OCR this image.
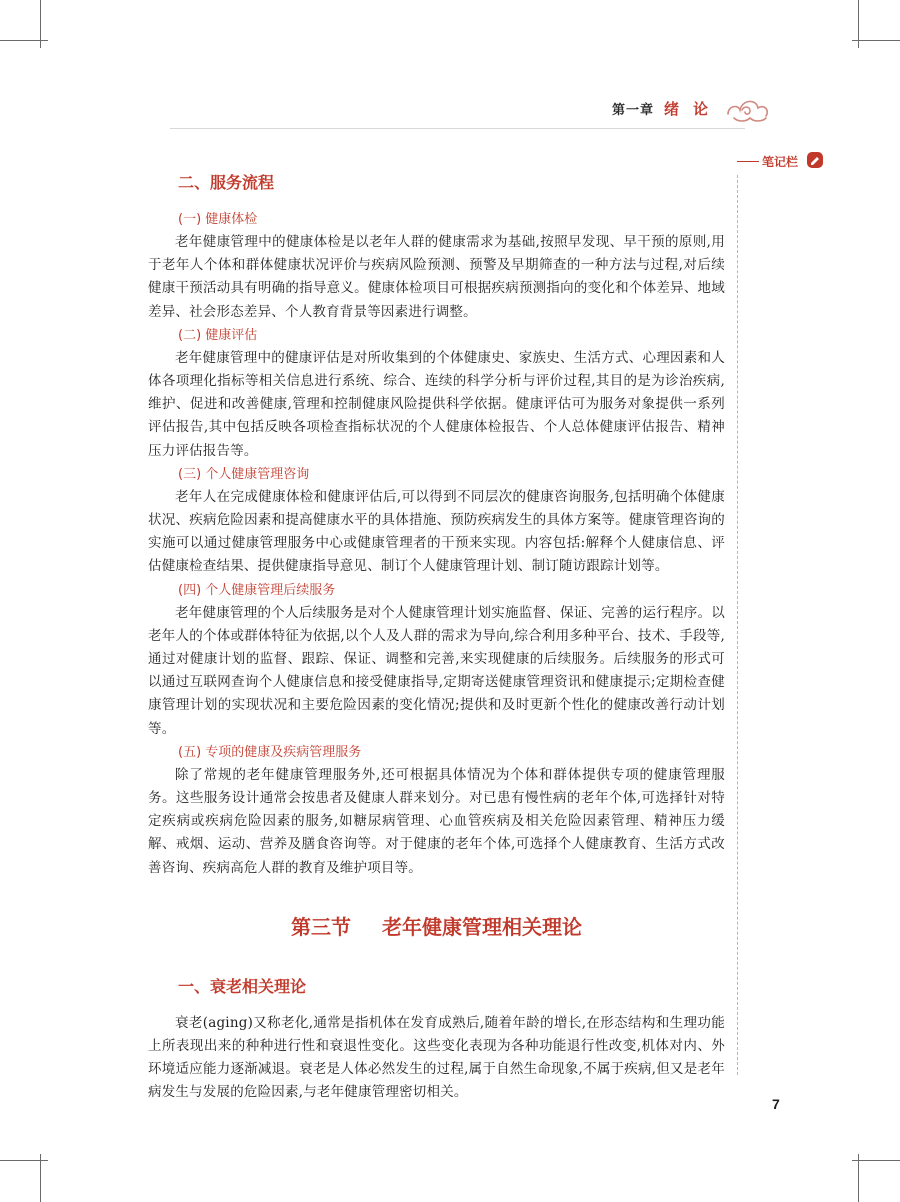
第一章 绪论
笔记栏
二、服务流程
(一) 健康体检

老年健康管理中的健康体检是以老年人群的健康需求为基础,按照早发现、早干预的原则,用于老年人个体和群体健康状况评价与疾病风险预测、预警及早期筛查的一种方法与过程,对后续健康干预活动具有明确的指导意义。健康体检项目可根据疾病预测指向的变化和个体差异、地域差异、社会形态差异、个人教育背景等因素进行调整。

(二) 健康评估

老年健康管理中的健康评估是对所收集到的个体健康史、家族史、生活方式、心理因素和人体各项理化指标等相关信息进行系统、综合、连续的科学分析与评价过程,其目的是为诊治疾病,维护、促进和改善健康,管理和控制健康风险提供科学依据。健康评估可为服务对象提供一系列评估报告,其中包括反映各项检查指标状况的个人健康体检报告、个人总体健康评估报告、精神压力评估报告等。

(三) 个人健康管理咨询

老年人在完成健康体检和健康评估后,可以得到不同层次的健康咨询服务,包括明确个体健康状况、疾病危险因素和提高健康水平的具体措施、预防疾病发生的具体方案等。健康管理咨询的实施可以通过健康管理服务中心或健康管理者的干预来实现。内容包括:解释个人健康信息、评估健康检查结果、提供健康指导意见、制订个人健康管理计划、制订随访跟踪计划等。

(四) 个人健康管理后续服务

老年健康管理的个人后续服务是对个人健康管理计划实施监督、保证、完善的运行程序。以老年人的个体或群体特征为依据,以个人及人群的需求为导向,综合利用多种平台、技术、手段等,通过对健康计划的监督、跟踪、保证、调整和完善,来实现健康的后续服务。后续服务的形式可以通过互联网查询个人健康信息和接受健康指导,定期寄送健康管理资讯和健康提示;定期检查健康管理计划的实现状况和主要危险因素的变化情况;提供和及时更新个性化的健康改善行动计划等。

(五) 专项的健康及疾病管理服务

除了常规的老年健康管理服务外,还可根据具体情况为个体和群体提供专项的健康管理服务。这些服务设计通常会按患者及健康人群来划分。对已患有慢性病的老年个体,可选择针对特定疾病或疾病危险因素的服务,如糖尿病管理、心血管疾病及相关危险因素管理、精神压力缓解、戒烟、运动、营养及膳食咨询等。对于健康的老年个体,可选择个人健康教育、生活方式改善咨询、疾病高危人群的教育及维护项目等。

第三节 老年健康管理相关理论
一、衰老相关理论

衰老(aging)又称老化,通常是指机体在发育成熟后,随着年龄的增长,在形态结构和生理功能上所表现出来的种种进行性和衰退性变化。这些变化表现为各种功能退行性改变,机体对内、外环境适应能力逐渐减退。衰老是人体必然发生的过程,属于自然生命现象,不属于疾病,但又是老年病发生与发展的危险因素,与老年健康管理密切相关。

7
